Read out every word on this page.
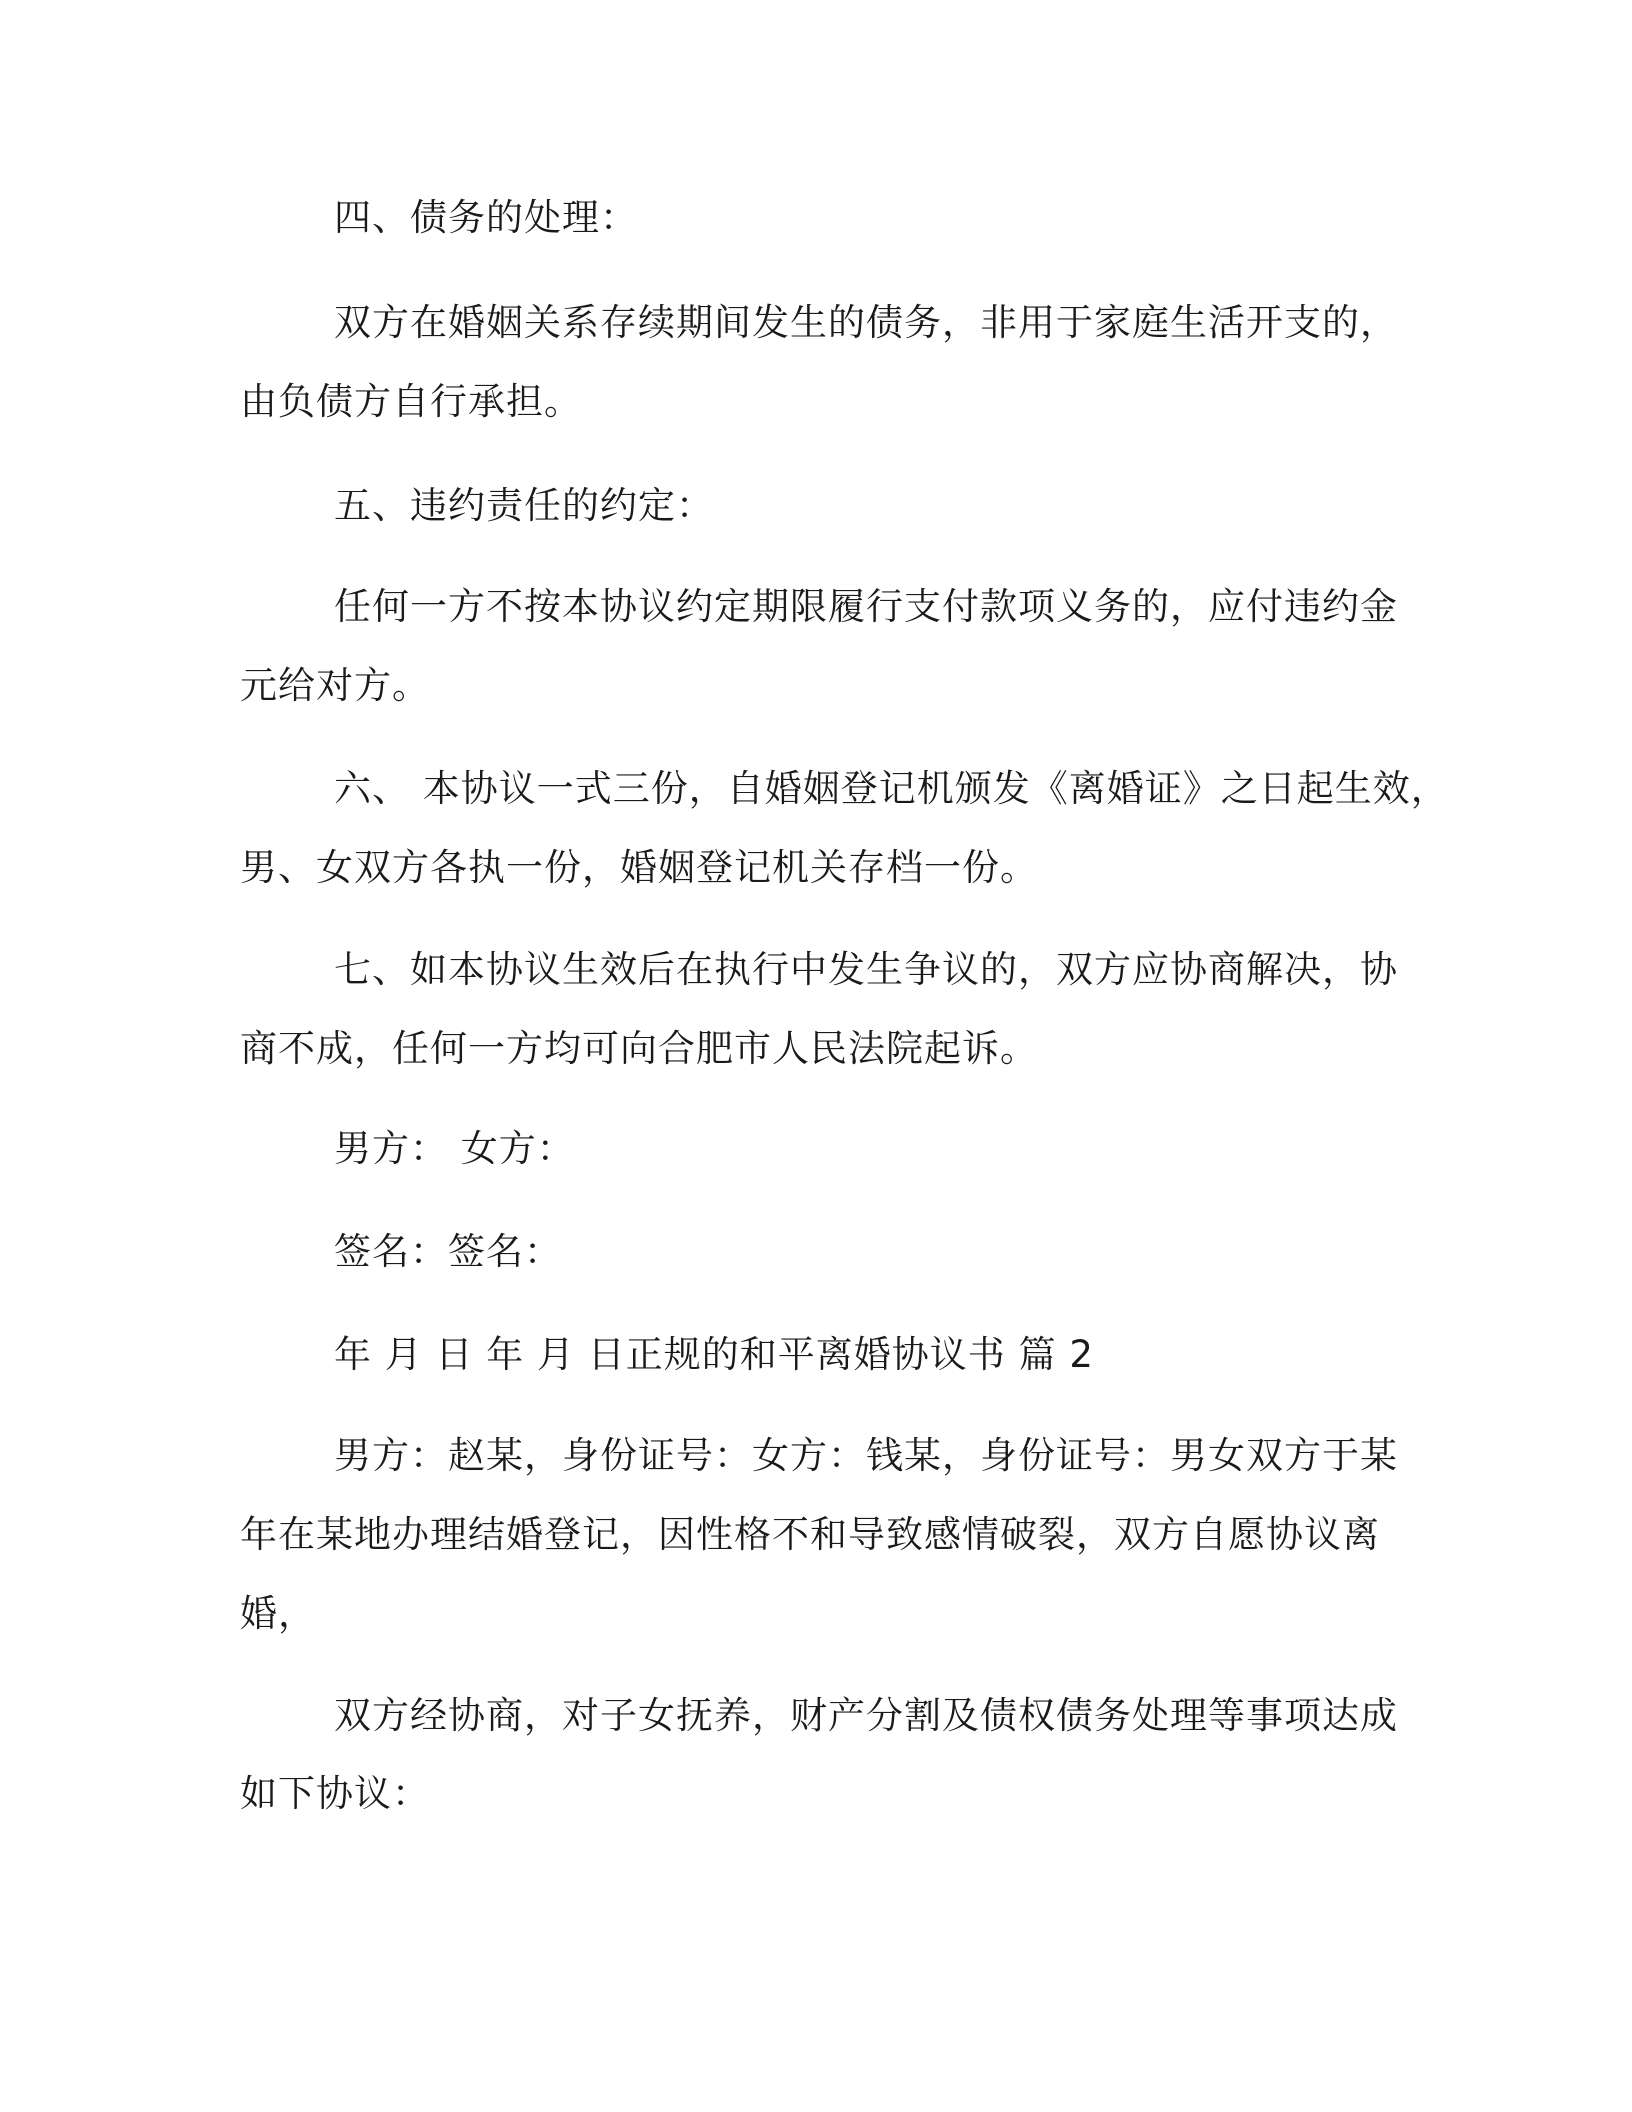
四、债务的处理：
双方在婚姻关系存续期间发生的债务，非用于家庭生活开支的，
由负债方自行承担。
五、违约责任的约定：
任何一方不按本协议约定期限履行支付款项义务的，应付违约金
元给对方。
六、 本协议一式三份，自婚姻登记机颁发《离婚证》之日起生效，
男、女双方各执一份，婚姻登记机关存档一份。
七、如本协议生效后在执行中发生争议的，双方应协商解决，协
商不成，任何一方均可向合肥市人民法院起诉。
男方： 女方：
签名：签名：
年 月 日 年 月 日正规的和平离婚协议书 篇 2
男方：赵某，身份证号：女方：钱某，身份证号：男女双方于某
年在某地办理结婚登记，因性格不和导致感情破裂，双方自愿协议离
婚，
双方经协商，对子女抚养，财产分割及债权债务处理等事项达成
如下协议：
